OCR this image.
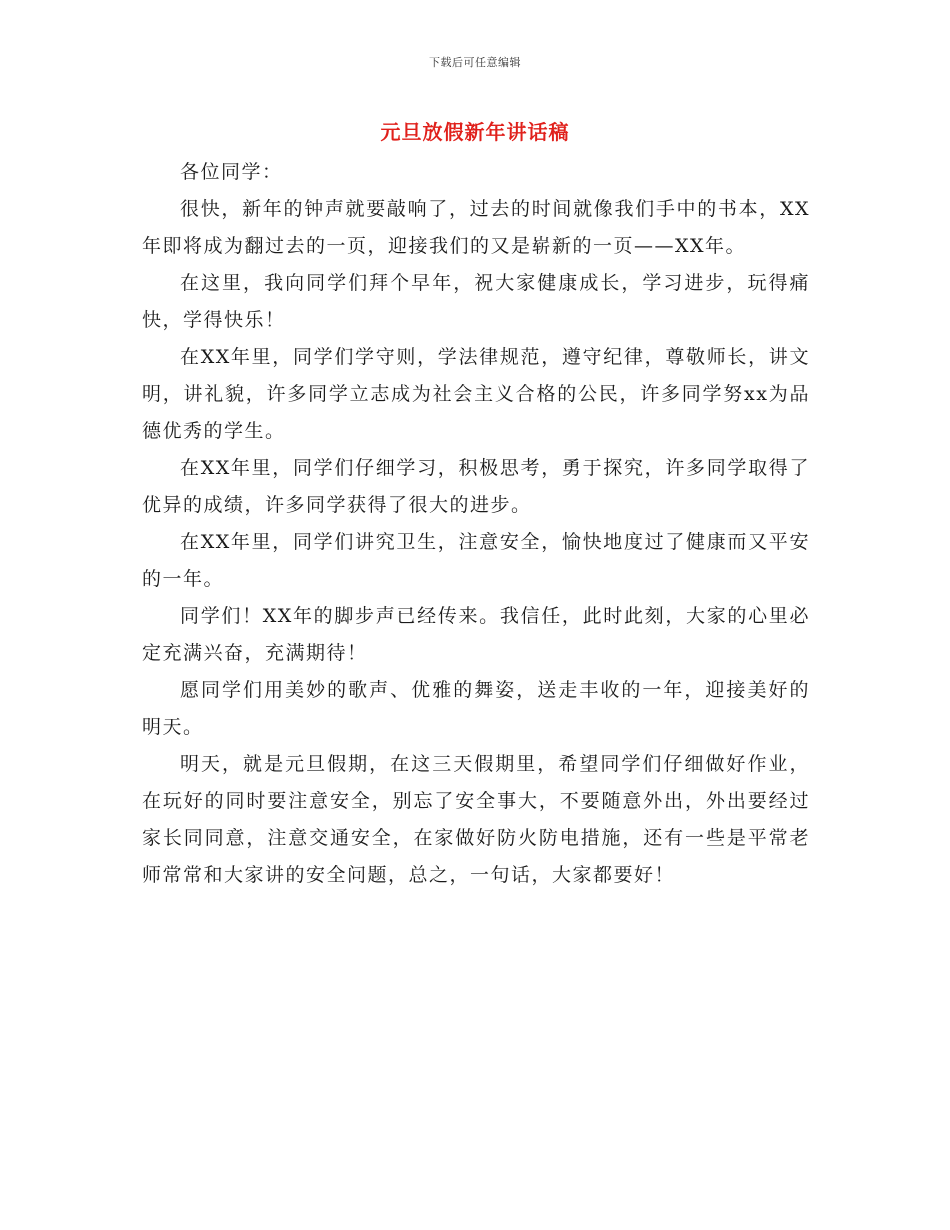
下载后可任意编辑
元旦放假新年讲话稿

各位同学：

很快，新年的钟声就要敲响了，过去的时间就像我们手中的书本，XX年即将成为翻过去的一页，迎接我们的又是崭新的一页——XX年。

在这里，我向同学们拜个早年，祝大家健康成长，学习进步，玩得痛快，学得快乐！

在XX年里，同学们学守则，学法律规范，遵守纪律，尊敬师长，讲文明，讲礼貌，许多同学立志成为社会主义合格的公民，许多同学努xx为品德优秀的学生。

在XX年里，同学们仔细学习，积极思考，勇于探究，许多同学取得了优异的成绩，许多同学获得了很大的进步。

在XX年里，同学们讲究卫生，注意安全，愉快地度过了健康而又平安的一年。

同学们！XX年的脚步声已经传来。我信任，此时此刻，大家的心里必定充满兴奋，充满期待！

愿同学们用美妙的歌声、优雅的舞姿，送走丰收的一年，迎接美好的明天。

明天，就是元旦假期，在这三天假期里，希望同学们仔细做好作业，在玩好的同时要注意安全，别忘了安全事大，不要随意外出，外出要经过家长同同意，注意交通安全，在家做好防火防电措施，还有一些是平常老师常常和大家讲的安全问题，总之，一句话，大家都要好！
